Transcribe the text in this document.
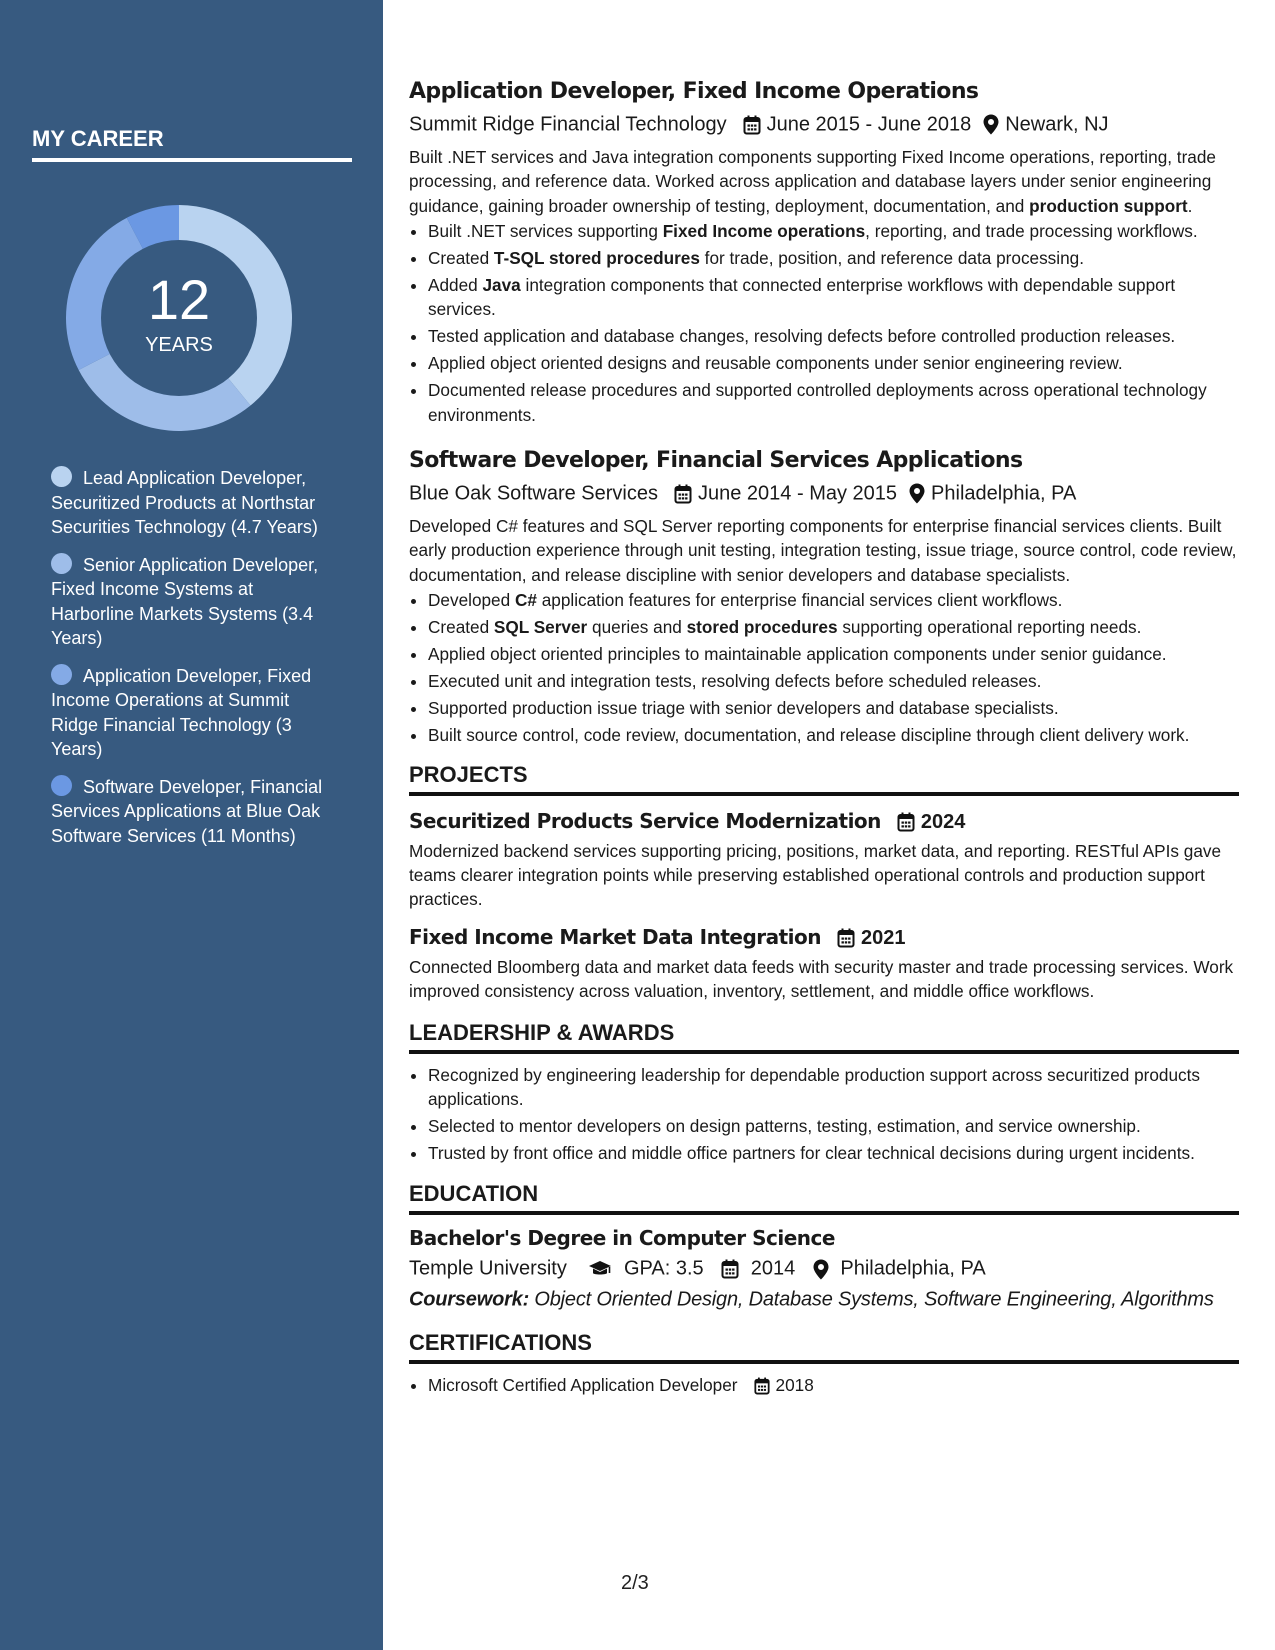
MY CAREER
12
YEARS
Lead Application Developer, Securitized Products at Northstar Securities Technology (4.7 Years)
Senior Application Developer, Fixed Income Systems at Harborline Markets Systems (3.4 Years)
Application Developer, Fixed Income Operations at Summit Ridge Financial Technology (3 Years)
Software Developer, Financial Services Applications at Blue Oak Software Services (11 Months)
Application Developer, Fixed Income Operations
Summit Ridge Financial Technology June 2015 - June 2018 Newark, NJ
Built .NET services and Java integration components supporting Fixed Income operations, reporting, trade processing, and reference data. Worked across application and database layers under senior engineering guidance, gaining broader ownership of testing, deployment, documentation, and production support.
• Built .NET services supporting Fixed Income operations, reporting, and trade processing workflows.
• Created T-SQL stored procedures for trade, position, and reference data processing.
• Added Java integration components that connected enterprise workflows with dependable support services.
• Tested application and database changes, resolving defects before controlled production releases.
• Applied object oriented designs and reusable components under senior engineering review.
• Documented release procedures and supported controlled deployments across operational technology environments.
Software Developer, Financial Services Applications
Blue Oak Software Services June 2014 - May 2015 Philadelphia, PA
Developed C# features and SQL Server reporting components for enterprise financial services clients. Built early production experience through unit testing, integration testing, issue triage, source control, code review, documentation, and release discipline with senior developers and database specialists.
• Developed C# application features for enterprise financial services client workflows.
• Created SQL Server queries and stored procedures supporting operational reporting needs.
• Applied object oriented principles to maintainable application components under senior guidance.
• Executed unit and integration tests, resolving defects before scheduled releases.
• Supported production issue triage with senior developers and database specialists.
• Built source control, code review, documentation, and release discipline through client delivery work.
PROJECTS
Securitized Products Service Modernization 2024
Modernized backend services supporting pricing, positions, market data, and reporting. RESTful APIs gave teams clearer integration points while preserving established operational controls and production support practices.
Fixed Income Market Data Integration 2021
Connected Bloomberg data and market data feeds with security master and trade processing services. Work improved consistency across valuation, inventory, settlement, and middle office workflows.
LEADERSHIP & AWARDS
• Recognized by engineering leadership for dependable production support across securitized products applications.
• Selected to mentor developers on design patterns, testing, estimation, and service ownership.
• Trusted by front office and middle office partners for clear technical decisions during urgent incidents.
EDUCATION
Bachelor's Degree in Computer Science
Temple University	GPA: 3.5 2014 Philadelphia, PA
Coursework: Object Oriented Design, Database Systems, Software Engineering, Algorithms
CERTIFICATIONS
• Microsoft Certified Application Developer 2018
2/3
